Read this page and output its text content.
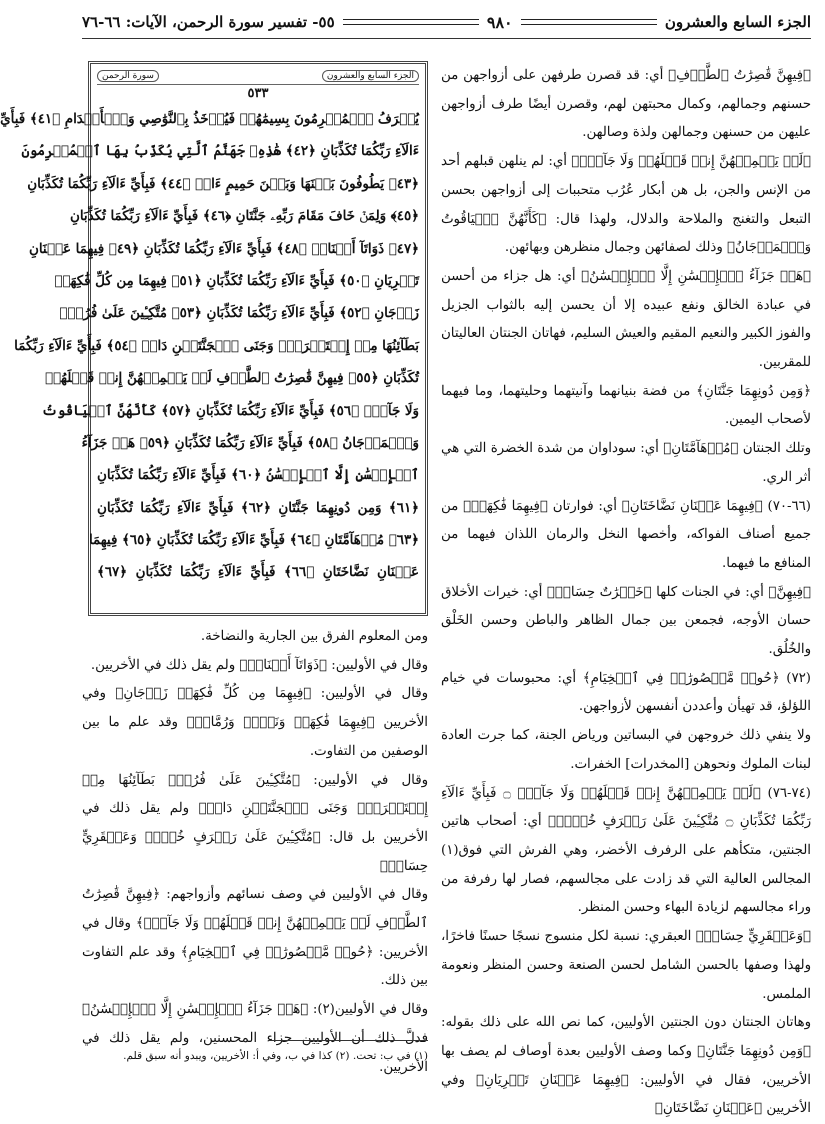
الجزء السابع والعشرون
٩٨٠
٥٥- تفسير سورة الرحمن، الآيات: ٦٦-٧٦
الجزء السابع والعشرون
سورة الرحمن
٥٣٣
يُعۡرَفُ ٱلۡمُجۡرِمُونَ بِسِيمَٰهُمۡ فَيُؤۡخَذُ بِٱلنَّوَٰصِي وَٱلۡأَقۡدَامِ ﴿٤١﴾ فَبِأَيِّ
ءَالَآءِ رَبِّكُمَا تُكَذِّبَانِ ﴿٤٢﴾ هَٰذِهِۦ جَهَنَّمُ ٱلَّتِي يُكَذِّبُ بِهَا ٱلۡمُجۡرِمُونَ
﴿٤٣﴾ يَطُوفُونَ بَيۡنَهَا وَبَيۡنَ حَمِيمٍ ءَانٖ ﴿٤٤﴾ فَبِأَيِّ ءَالَآءِ رَبِّكُمَا تُكَذِّبَانِ
﴿٤٥﴾ وَلِمَنۡ خَافَ مَقَامَ رَبِّهِۦ جَنَّتَانِ ﴿٤٦﴾ فَبِأَيِّ ءَالَآءِ رَبِّكُمَا تُكَذِّبَانِ
﴿٤٧﴾ ذَوَاتَآ أَفۡنَانٖ ﴿٤٨﴾ فَبِأَيِّ ءَالَآءِ رَبِّكُمَا تُكَذِّبَانِ ﴿٤٩﴾ فِيهِمَا عَيۡنَانِ
تَجۡرِيَانِ ﴿٥٠﴾ فَبِأَيِّ ءَالَآءِ رَبِّكُمَا تُكَذِّبَانِ ﴿٥١﴾ فِيهِمَا مِن كُلِّ فَٰكِهَةٖ
زَوۡجَانِ ﴿٥٢﴾ فَبِأَيِّ ءَالَآءِ رَبِّكُمَا تُكَذِّبَانِ ﴿٥٣﴾ مُتَّكِـِٔينَ عَلَىٰ فُرُشِۢ
بَطَآئِنُهَا مِنۡ إِسۡتَبۡرَقٖۚ وَجَنَى ٱلۡجَنَّتَيۡنِ دَانٖ ﴿٥٤﴾ فَبِأَيِّ ءَالَآءِ رَبِّكُمَا
تُكَذِّبَانِ ﴿٥٥﴾ فِيهِنَّ قَٰصِرَٰتُ ٱلطَّرۡفِ لَمۡ يَطۡمِثۡهُنَّ إِنسٞ قَبۡلَهُمۡ
وَلَا جَآنّٞ ﴿٥٦﴾ فَبِأَيِّ ءَالَآءِ رَبِّكُمَا تُكَذِّبَانِ ﴿٥٧﴾ كَأَنَّهُنَّ ٱلۡيَاقُوتُ
وَٱلۡمَرۡجَانُ ﴿٥٨﴾ فَبِأَيِّ ءَالَآءِ رَبِّكُمَا تُكَذِّبَانِ ﴿٥٩﴾ هَلۡ جَزَآءُ
ٱلۡإِحۡسَٰنِ إِلَّا ٱلۡإِحۡسَٰنُ ﴿٦٠﴾ فَبِأَيِّ ءَالَآءِ رَبِّكُمَا تُكَذِّبَانِ
﴿٦١﴾ وَمِن دُونِهِمَا جَنَّتَانِ ﴿٦٢﴾ فَبِأَيِّ ءَالَآءِ رَبِّكُمَا تُكَذِّبَانِ
﴿٦٣﴾ مُدۡهَآمَّتَانِ ﴿٦٤﴾ فَبِأَيِّ ءَالَآءِ رَبِّكُمَا تُكَذِّبَانِ ﴿٦٥﴾ فِيهِمَا
عَيۡنَانِ نَضَّاخَتَانِ ﴿٦٦﴾ فَبِأَيِّ ءَالَآءِ رَبِّكُمَا تُكَذِّبَانِ ﴿٦٧﴾

﴿فِيهِنَّ قَٰصِرَٰتُ ٱلطَّرۡفِ﴾ أي: قد قصرن طرفهن على أزواجهن من حسنهم وجمالهم، وكمال محبتهن لهم، وقصرن أيضًا طرف أزواجهن عليهن من حسنهن وجمالهن ولذة وصالهن.

﴿لَمۡ يَطۡمِثۡهُنَّ إِنسٞ قَبۡلَهُمۡ وَلَا جَآنّٞ﴾ أي: لم ينلهن قبلهم أحد من الإنس والجن، بل هن أبكار عُرُب متحببات إلى أزواجهن بحسن التبعل والتغنج والملاحة والدلال، ولهذا قال: ﴿كَأَنَّهُنَّ ٱلۡيَاقُوتُ وَٱلۡمَرۡجَانُ﴾ وذلك لصفائهن وجمال منظرهن وبهائهن.

﴿هَلۡ جَزَآءُ ٱلۡإِحۡسَٰنِ إِلَّا ٱلۡإِحۡسَٰنُ﴾ أي: هل جزاء من أحسن في عبادة الخالق ونفع عبيده إلا أن يحسن إليه بالثواب الجزيل والفوز الكبير والنعيم المقيم والعيش السليم، فهاتان الجنتان العاليتان للمقربين.

﴿وَمِن دُونِهِمَا جَنَّتَانِ﴾ من فضة بنيانهما وآنيتهما وحليتهما، وما فيهما لأصحاب اليمين.

وتلك الجنتان ﴿مُدۡهَآمَّتَانِ﴾ أي: سوداوان من شدة الخضرة التي هي أثر الري.

(٦٦-٧٠) ﴿فِيهِمَا عَيۡنَانِ نَضَّاخَتَانِ﴾ أي: فوارتان ﴿فِيهِمَا فَٰكِهَةٞ﴾ من جميع أصناف الفواكه، وأخصها النخل والرمان اللذان فيهما من المنافع ما فيهما.

﴿فِيهِنَّ﴾ أي: في الجنات كلها ﴿خَيۡرَٰتٌ حِسَانٞ﴾ أي: خيرات الأخلاق حسان الأوجه، فجمعن بين جمال الظاهر والباطن وحسن الخَلْق والخُلُق.

(٧٢) ﴿حُورٞ مَّقۡصُورَٰتٞ فِي ٱلۡخِيَامِ﴾ أي: محبوسات في خيام اللؤلؤ، قد تهيأن وأعددن أنفسهن لأزواجهن.

ولا ينفي ذلك خروجهن في البساتين ورياض الجنة، كما جرت العادة لبنات الملوك ونحوهن [المخدرات] الخفرات.

(٧٤-٧٦) ﴿لَمۡ يَطۡمِثۡهُنَّ إِنسٞ قَبۡلَهُمۡ وَلَا جَآنّٞ ۝ فَبِأَيِّ ءَالَآءِ رَبِّكُمَا تُكَذِّبَانِ ۝ مُتَّكِـِٔينَ عَلَىٰ رَفۡرَفٍ خُضۡرٖ﴾ أي: أصحاب هاتين الجنتين، متكأهم على الرفرف الأخضر، وهي الفرش التي فوق(١) المجالس العالية التي قد زادت على مجالسهم، فصار لها رفرفة من وراء مجالسهم لزيادة البهاء وحسن المنظر.

﴿وَعَبۡقَرِيٍّ حِسَانٖ﴾ العبقري: نسبة لكل منسوج نسجًا حسنًا فاخرًا، ولهذا وصفها بالحسن الشامل لحسن الصنعة وحسن المنظر ونعومة الملمس.

وهاتان الجنتان دون الجنتين الأوليين، كما نص الله على ذلك بقوله: ﴿وَمِن دُونِهِمَا جَنَّتَانِ﴾ وكما وصف الأوليين بعدة أوصاف لم يصف بها الأخريين، فقال في الأوليين: ﴿فِيهِمَا عَيۡنَانِ تَجۡرِيَانِ﴾ وفي الأخريين ﴿عَيۡنَانِ نَضَّاخَتَانِ﴾

ومن المعلوم الفرق بين الجارية والنضاخة.

وقال في الأوليين: ﴿ذَوَاتَآ أَفۡنَانٖ﴾ ولم يقل ذلك في الأخريين.

وقال في الأوليين: ﴿فِيهِمَا مِن كُلِّ فَٰكِهَةٖ زَوۡجَانِ﴾ وفي الأخريين ﴿فِيهِمَا فَٰكِهَةٞ وَنَخۡلٞ وَرُمَّانٞ﴾ وقد علم ما بين الوصفين من التفاوت.

وقال في الأوليين: ﴿مُتَّكِـِٔينَ عَلَىٰ فُرُشِۢ بَطَآئِنُهَا مِنۡ إِسۡتَبۡرَقٖۚ وَجَنَى ٱلۡجَنَّتَيۡنِ دَانٖ﴾ ولم يقل ذلك في الأخريين بل قال: ﴿مُتَّكِـِٔينَ عَلَىٰ رَفۡرَفٍ خُضۡرٖ وَعَبۡقَرِيٍّ حِسَانٖ﴾

وقال في الأوليين في وصف نسائهم وأزواجهم: ﴿فِيهِنَّ قَٰصِرَٰتُ ٱلطَّرۡفِ لَمۡ يَطۡمِثۡهُنَّ إِنسٞ قَبۡلَهُمۡ وَلَا جَآنّٞ﴾ وقال في الأخريين: ﴿حُورٞ مَّقۡصُورَٰتٞ فِي ٱلۡخِيَامِ﴾ وقد علم التفاوت بين ذلك.

وقال في الأوليين(٢): ﴿هَلۡ جَزَآءُ ٱلۡإِحۡسَٰنِ إِلَّا ٱلۡإِحۡسَٰنُ﴾ فدلَّ ذلك أن الأوليين جزاء المحسنين، ولم يقل ذلك في الأخريين.

(١) في ب: تحت. (٢) كذا في ب، وفي أ: الأخريين، ويبدو أنه سبق قلم.
